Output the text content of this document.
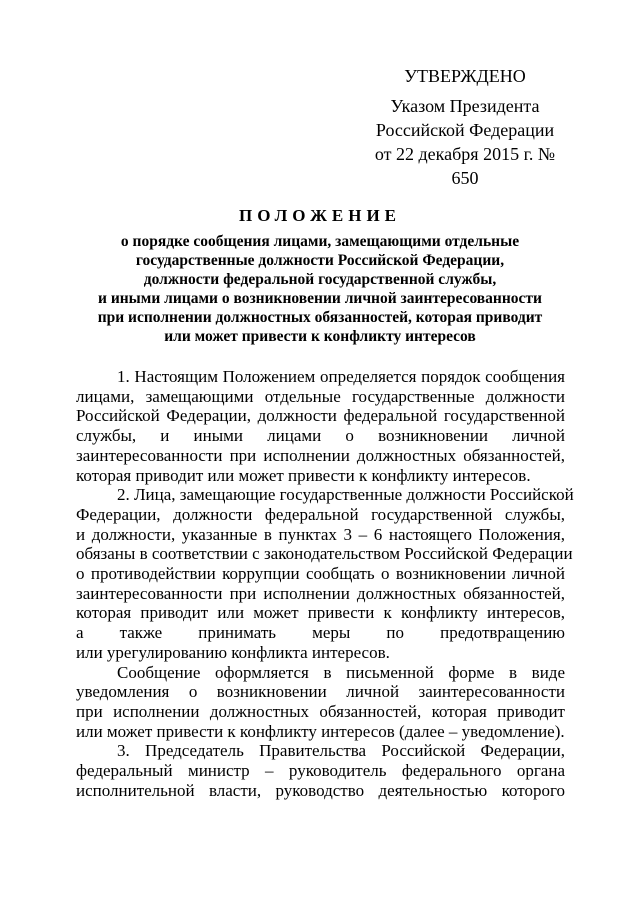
УТВЕРЖДЕНО
Указом Президента
Российской Федерации
от 22 декабря 2015 г. № 650
ПОЛОЖЕНИЕ
о порядке сообщения лицами, замещающими отдельные
государственные должности Российской Федерации,
должности федеральной государственной службы,
и иными лицами о возникновении личной заинтересованности
при исполнении должностных обязанностей, которая приводит
или может привести к конфликту интересов
1. Настоящим Положением определяется порядок сообщения
лицами, замещающими отдельные государственные должности
Российской Федерации, должности федеральной государственной
службы, и иными лицами о возникновении личной
заинтересованности при исполнении должностных обязанностей,
которая приводит или может привести к конфликту интересов.
2. Лица, замещающие государственные должности Российской
Федерации, должности федеральной государственной службы,
и должности, указанные в пунктах 3 – 6 настоящего Положения,
обязаны в соответствии с законодательством Российской Федерации
о противодействии коррупции сообщать о возникновении личной
заинтересованности при исполнении должностных обязанностей,
которая приводит или может привести к конфликту интересов,
а также принимать меры по предотвращению
или урегулированию конфликта интересов.
Сообщение оформляется в письменной форме в виде
уведомления о возникновении личной заинтересованности
при исполнении должностных обязанностей, которая приводит
или может привести к конфликту интересов (далее – уведомление).
3. Председатель Правительства Российской Федерации,
федеральный министр – руководитель федерального органа
исполнительной власти, руководство деятельностью которого
